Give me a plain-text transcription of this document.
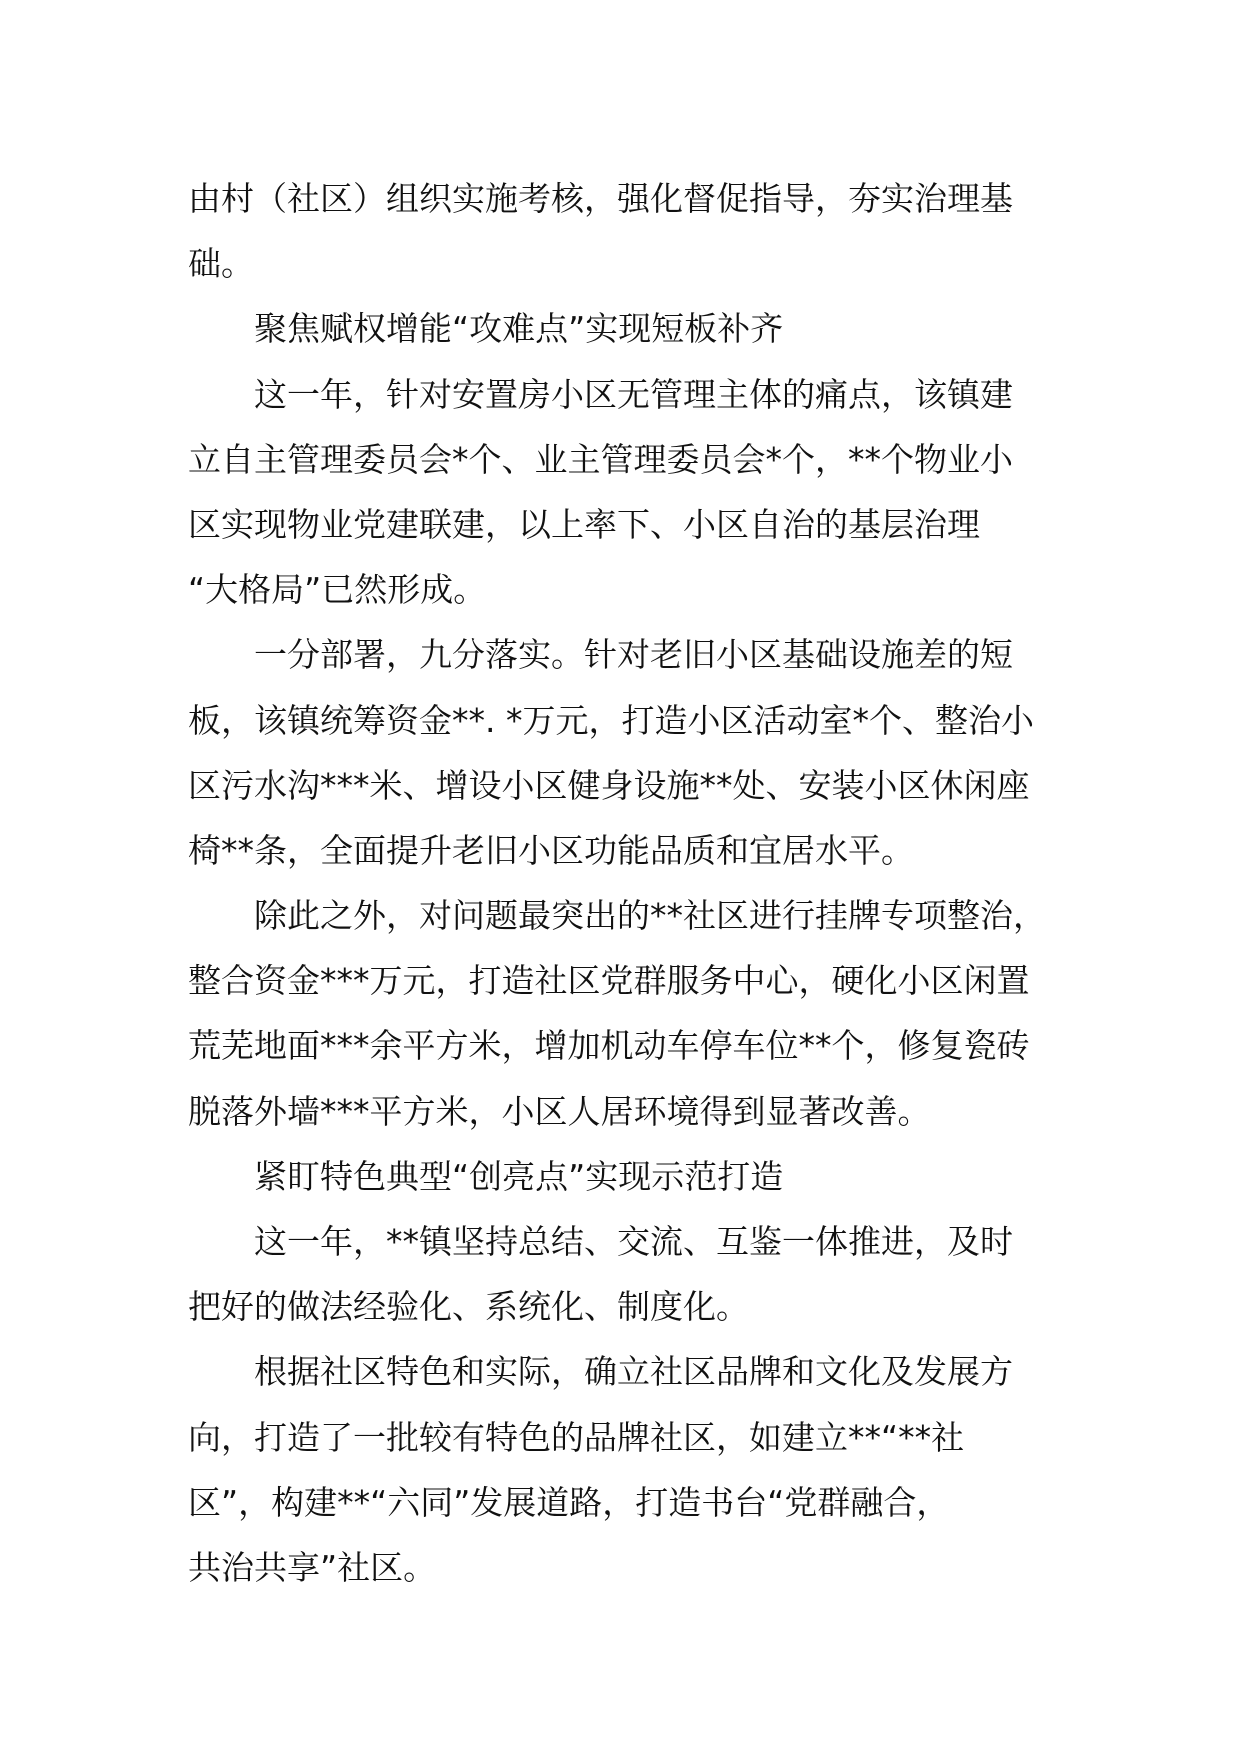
由村（社区）组织实施考核，强化督促指导，夯实治理基
础。
聚焦赋权增能“攻难点”实现短板补齐
这一年，针对安置房小区无管理主体的痛点，该镇建
立自主管理委员会*个、业主管理委员会*个，**个物业小
区实现物业党建联建，以上率下、小区自治的基层治理
“大格局”已然形成。
一分部署，九分落实。针对老旧小区基础设施差的短
板，该镇统筹资金**. *万元，打造小区活动室*个、整治小
区污水沟***米、增设小区健身设施**处、安装小区休闲座
椅**条，全面提升老旧小区功能品质和宜居水平。
除此之外，对问题最突出的**社区进行挂牌专项整治，
整合资金***万元，打造社区党群服务中心，硬化小区闲置
荒芜地面***余平方米，增加机动车停车位**个，修复瓷砖
脱落外墙***平方米，小区人居环境得到显著改善。
紧盯特色典型“创亮点”实现示范打造
这一年，**镇坚持总结、交流、互鉴一体推进，及时
把好的做法经验化、系统化、制度化。
根据社区特色和实际，确立社区品牌和文化及发展方
向，打造了一批较有特色的品牌社区，如建立**“**社
区”，构建**“六同”发展道路，打造书台“党群融合，
共治共享”社区。
